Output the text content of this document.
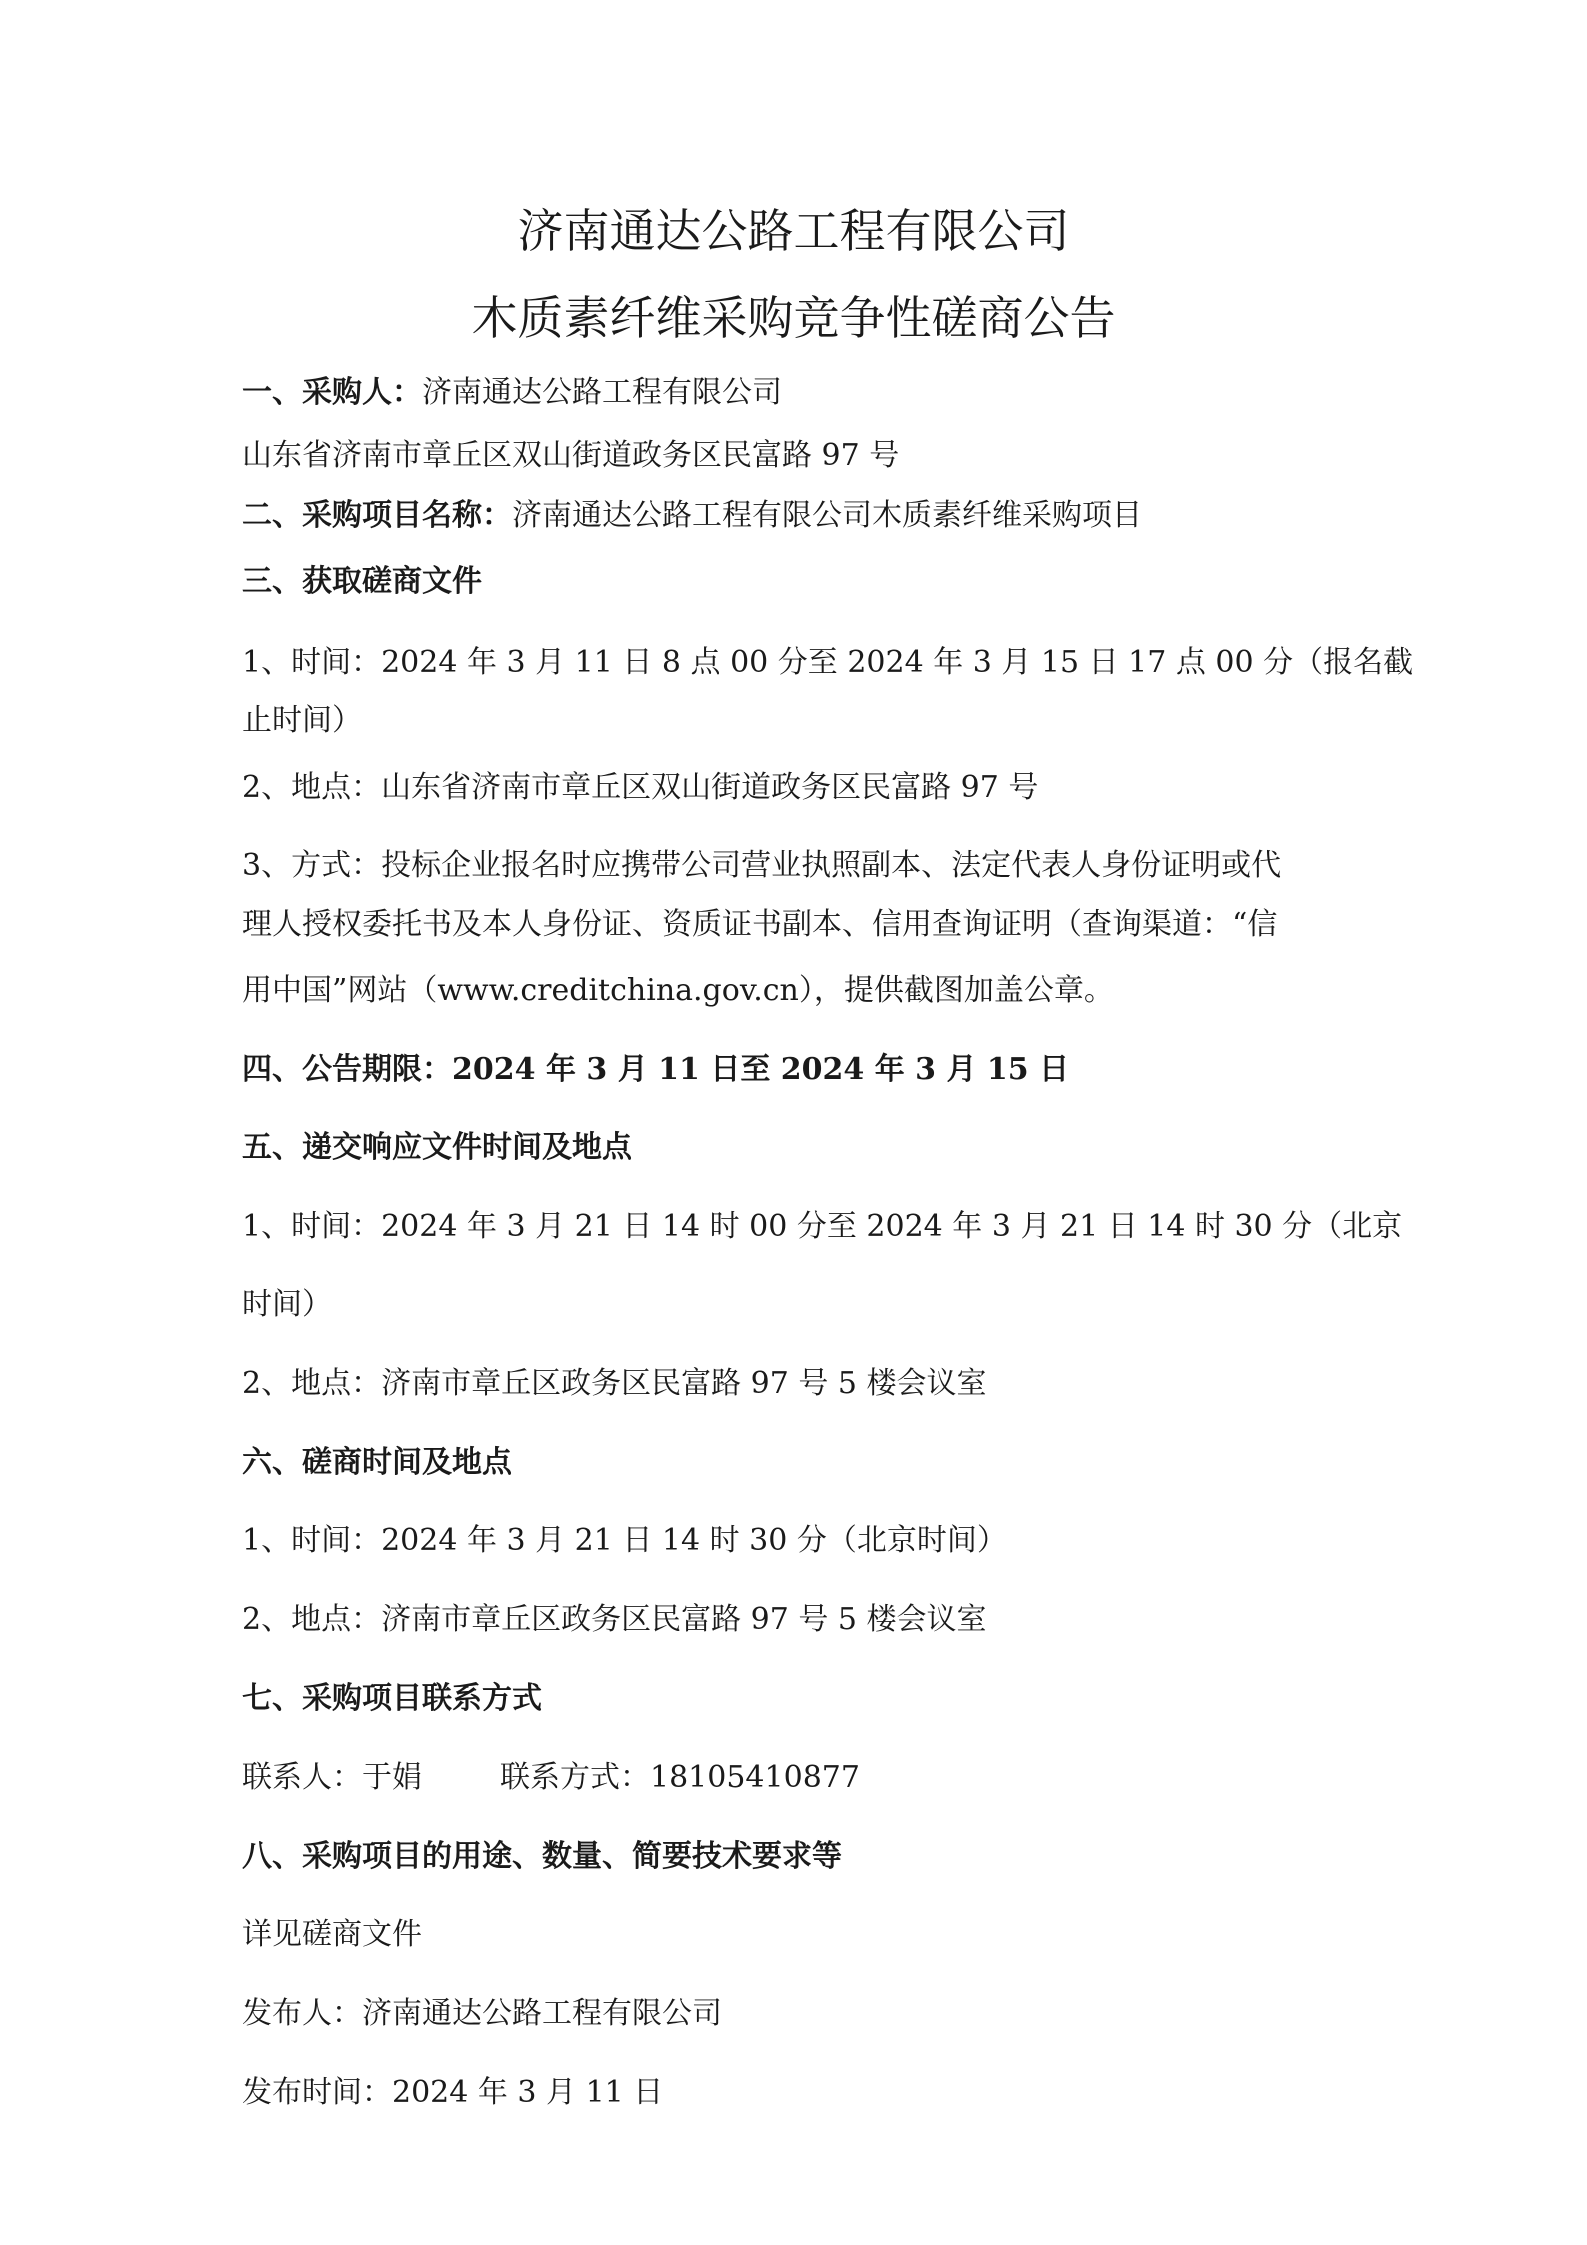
济南通达公路工程有限公司
木质素纤维采购竞争性磋商公告
一、采购人：济南通达公路工程有限公司
山东省济南市章丘区双山街道政务区民富路 97 号
二、采购项目名称：济南通达公路工程有限公司木质素纤维采购项目
三、获取磋商文件
1、时间：2024 年 3 月 11 日 8 点 00 分至 2024 年 3 月 15 日 17 点 00 分（报名截
止时间）
2、地点：山东省济南市章丘区双山街道政务区民富路 97 号
3、方式：投标企业报名时应携带公司营业执照副本、法定代表人身份证明或代
理人授权委托书及本人身份证、资质证书副本、信用查询证明（查询渠道：“信
用中国”网站（www.creditchina.gov.cn），提供截图加盖公章。
四、公告期限：2024 年 3 月 11 日至 2024 年 3 月 15 日
五、递交响应文件时间及地点
1、时间：2024 年 3 月 21 日 14 时 00 分至 2024 年 3 月 21 日 14 时 30 分（北京
时间）
2、地点：济南市章丘区政务区民富路 97 号 5 楼会议室
六、磋商时间及地点
1、时间：2024 年 3 月 21 日 14 时 30 分（北京时间）
2、地点：济南市章丘区政务区民富路 97 号 5 楼会议室
七、采购项目联系方式
联系人：于娟	联系方式：18105410877
八、采购项目的用途、数量、简要技术要求等
详见磋商文件
发布人：济南通达公路工程有限公司
发布时间：2024 年 3 月 11 日
